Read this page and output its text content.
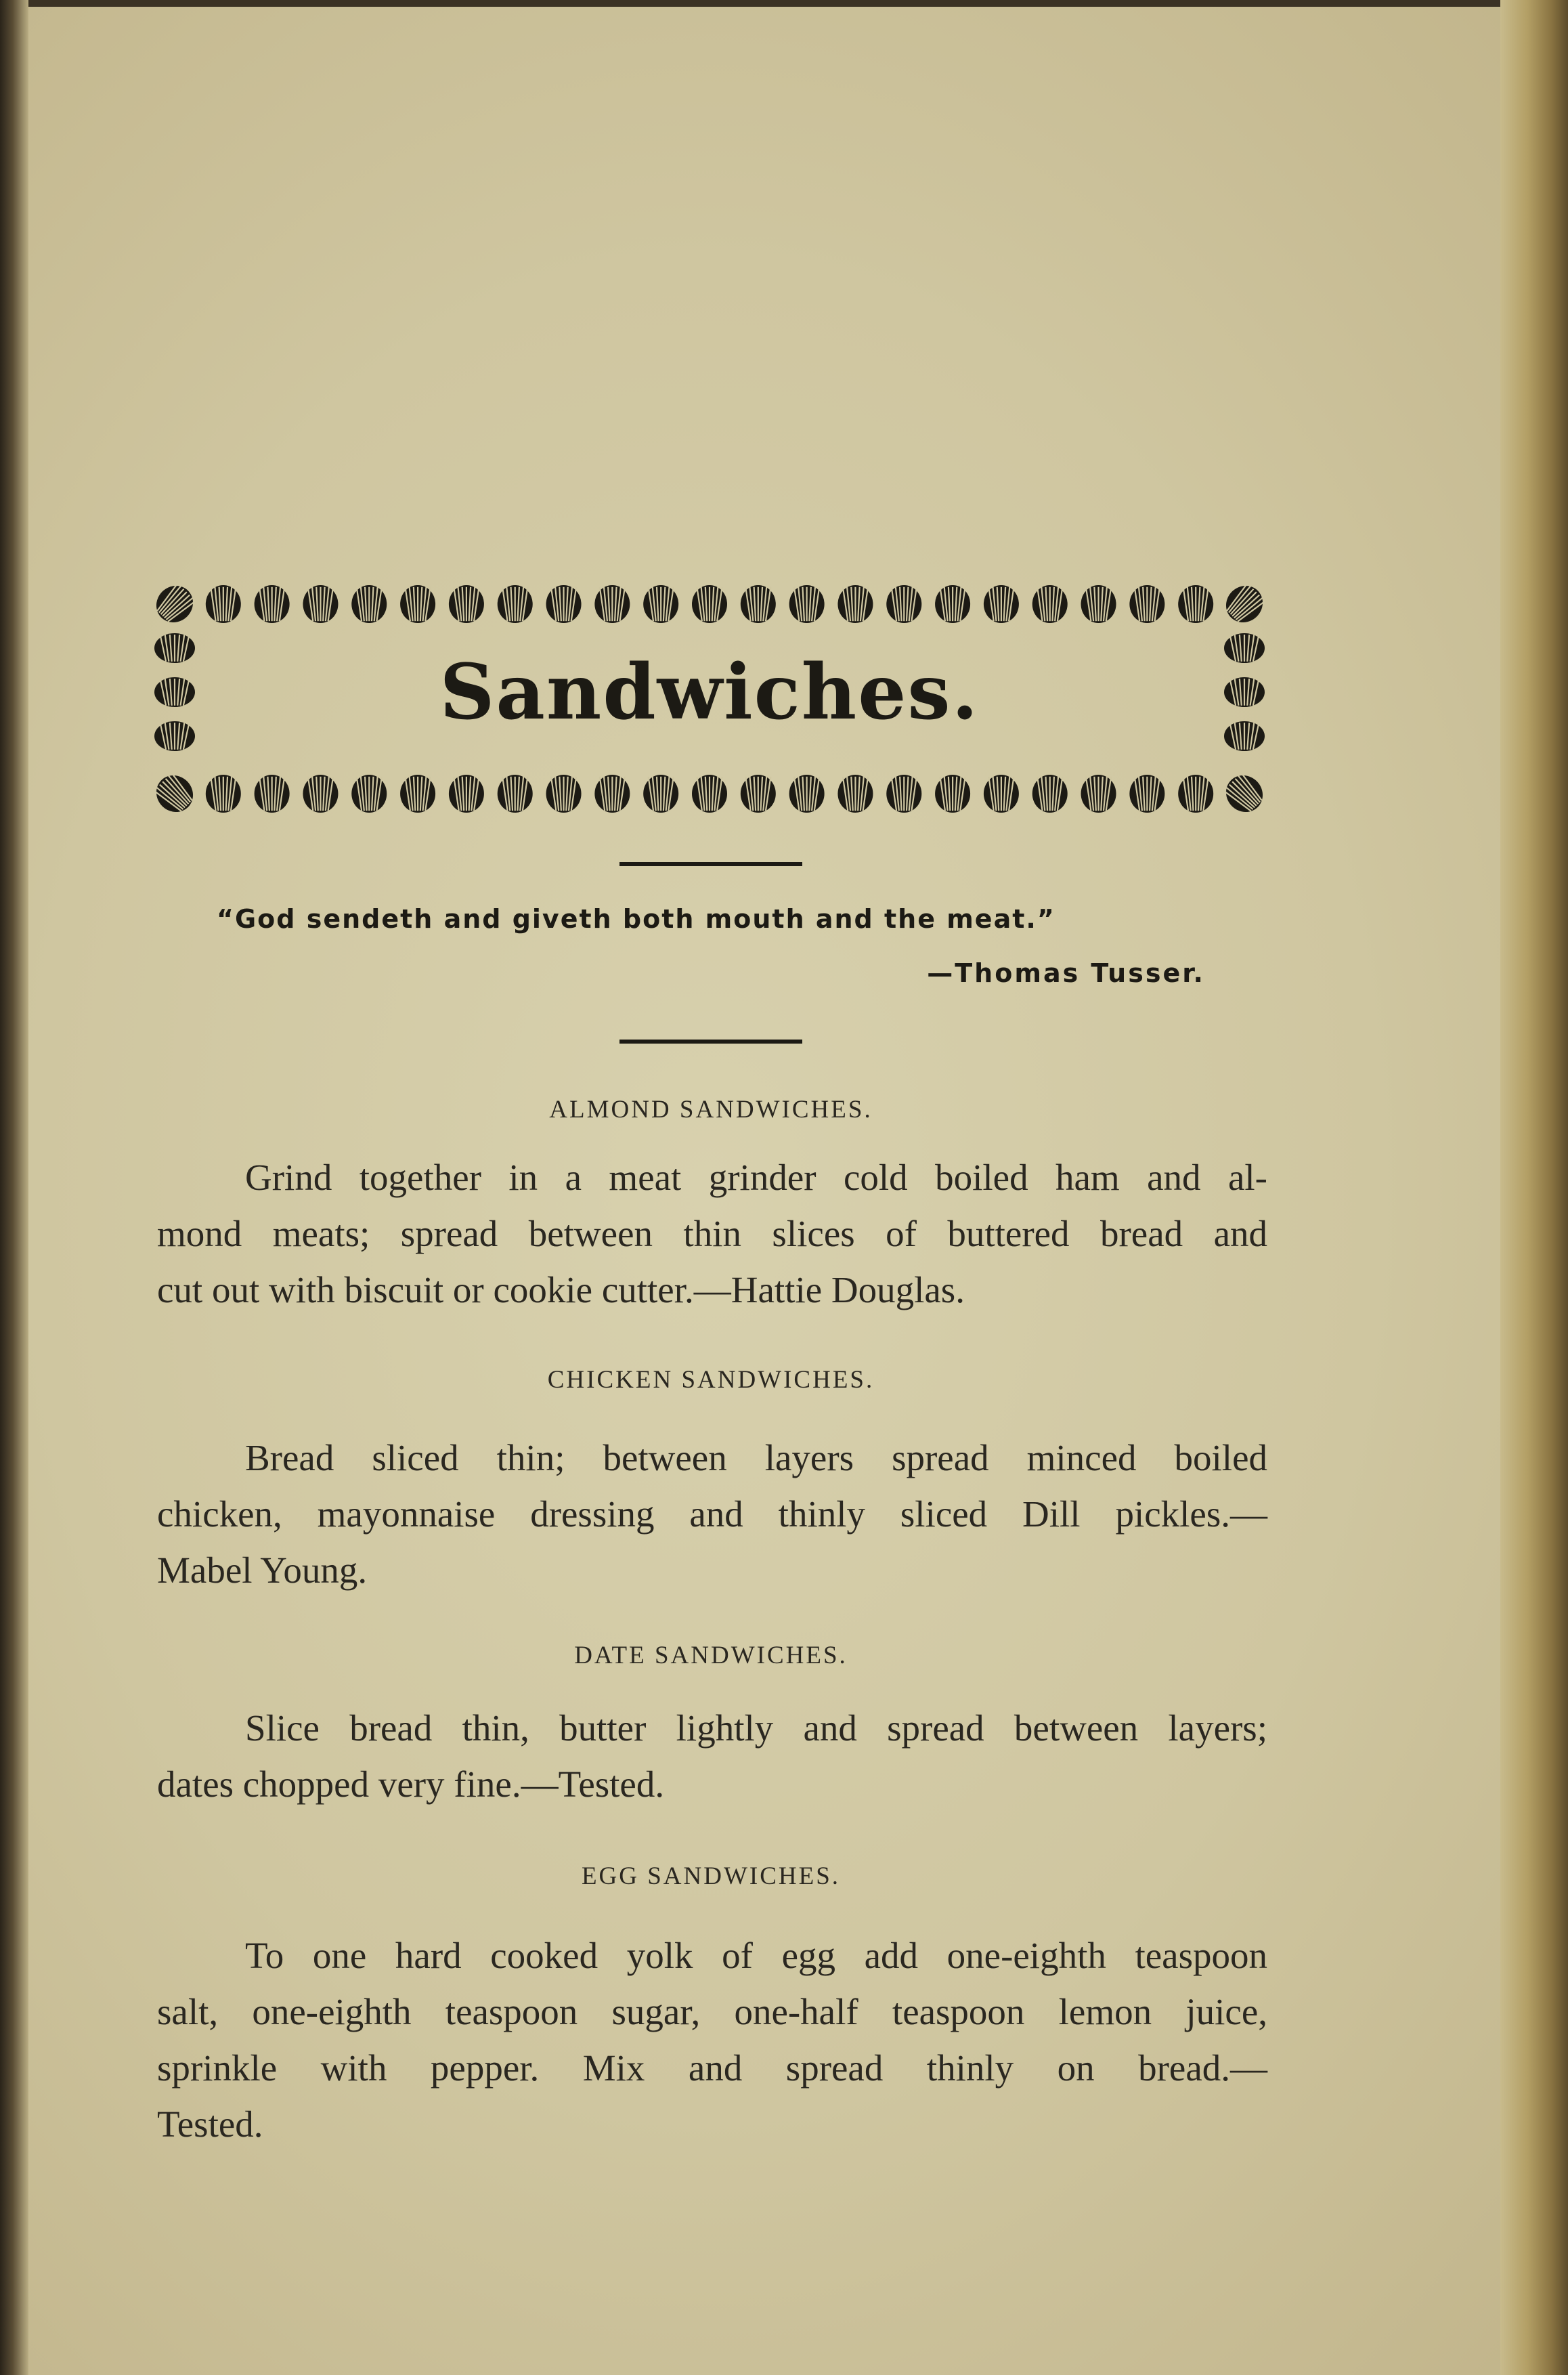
Sandwiches.
“God sendeth and giveth both mouth and the meat.”
—Thomas Tusser.
ALMOND SANDWICHES.
Grind together in a meat grinder cold boiled ham and al-
mond meats; spread between thin slices of buttered bread and
cut out with biscuit or cookie cutter.—Hattie Douglas.
CHICKEN SANDWICHES.
Bread sliced thin; between layers spread minced boiled
chicken, mayonnaise dressing and thinly sliced Dill pickles.—
Mabel Young.
DATE SANDWICHES.
Slice bread thin, butter lightly and spread between layers;
dates chopped very fine.—Tested.
EGG SANDWICHES.
To one hard cooked yolk of egg add one-eighth teaspoon
salt, one-eighth teaspoon sugar, one-half teaspoon lemon juice,
sprinkle with pepper. Mix and spread thinly on bread.—
Tested.
